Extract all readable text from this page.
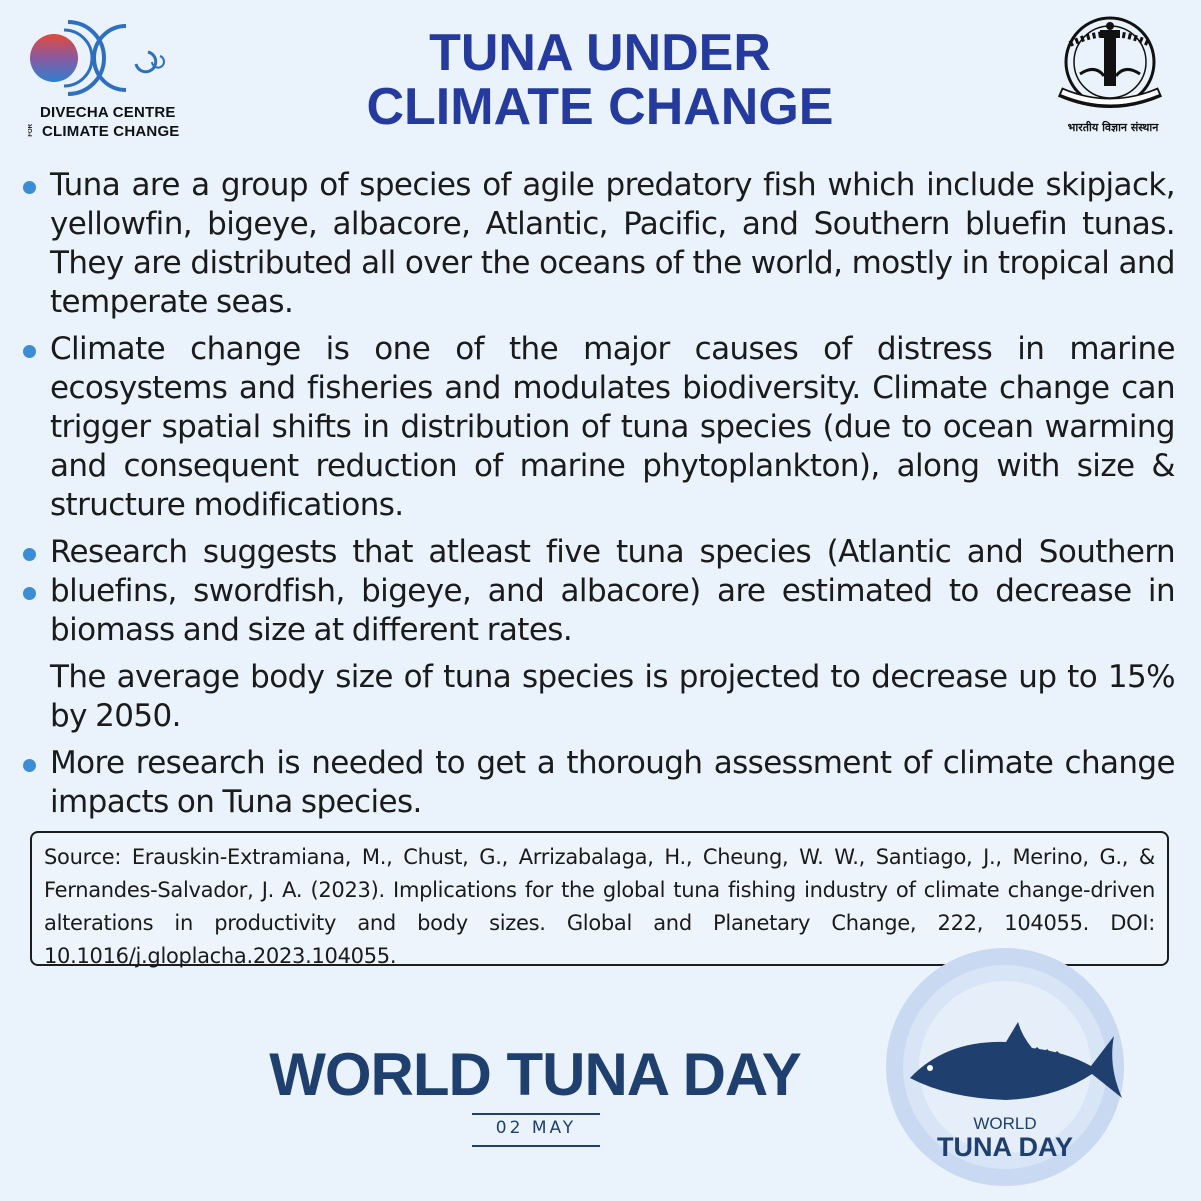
DIVECHA CENTRE
FOR CLIMATE CHANGE
TUNA UNDER
CLIMATE CHANGE	भारतीय विज्ञान संस्थान

Tuna are a group of species of agile predatory fish which include skipjack, yellowfin, bigeye, albacore, Atlantic, Pacific, and Southern bluefin tunas. They are distributed all over the oceans of the world, mostly in tropical and temperate seas.

Climate change is one of the major causes of distress in marine ecosystems and fisheries and modulates biodiversity. Climate change can trigger spatial shifts in distribution of tuna species (due to ocean warming and consequent reduction of marine phytoplankton), along with size & structure modifications.

Research suggests that atleast five tuna species (Atlantic and Southern bluefins, swordfish, bigeye, and albacore) are estimated to decrease in biomass and size at different rates.

The average body size of tuna species is projected to decrease up to 15% by 2050.

More research is needed to get a thorough assessment of climate change impacts on Tuna species.

Source: Erauskin-Extramiana, M., Chust, G., Arrizabalaga, H., Cheung, W. W., Santiago, J., Merino, G., & Fernandes-Salvador, J. A. (2023). Implications for the global tuna fishing industry of climate change-driven alterations in productivity and body sizes. Global and Planetary Change, 222, 104055. DOI: 10.1016/j.gloplacha.2023.104055.

WORLD TUNA DAY
02 MAY	WORLD
TUNA DAY
